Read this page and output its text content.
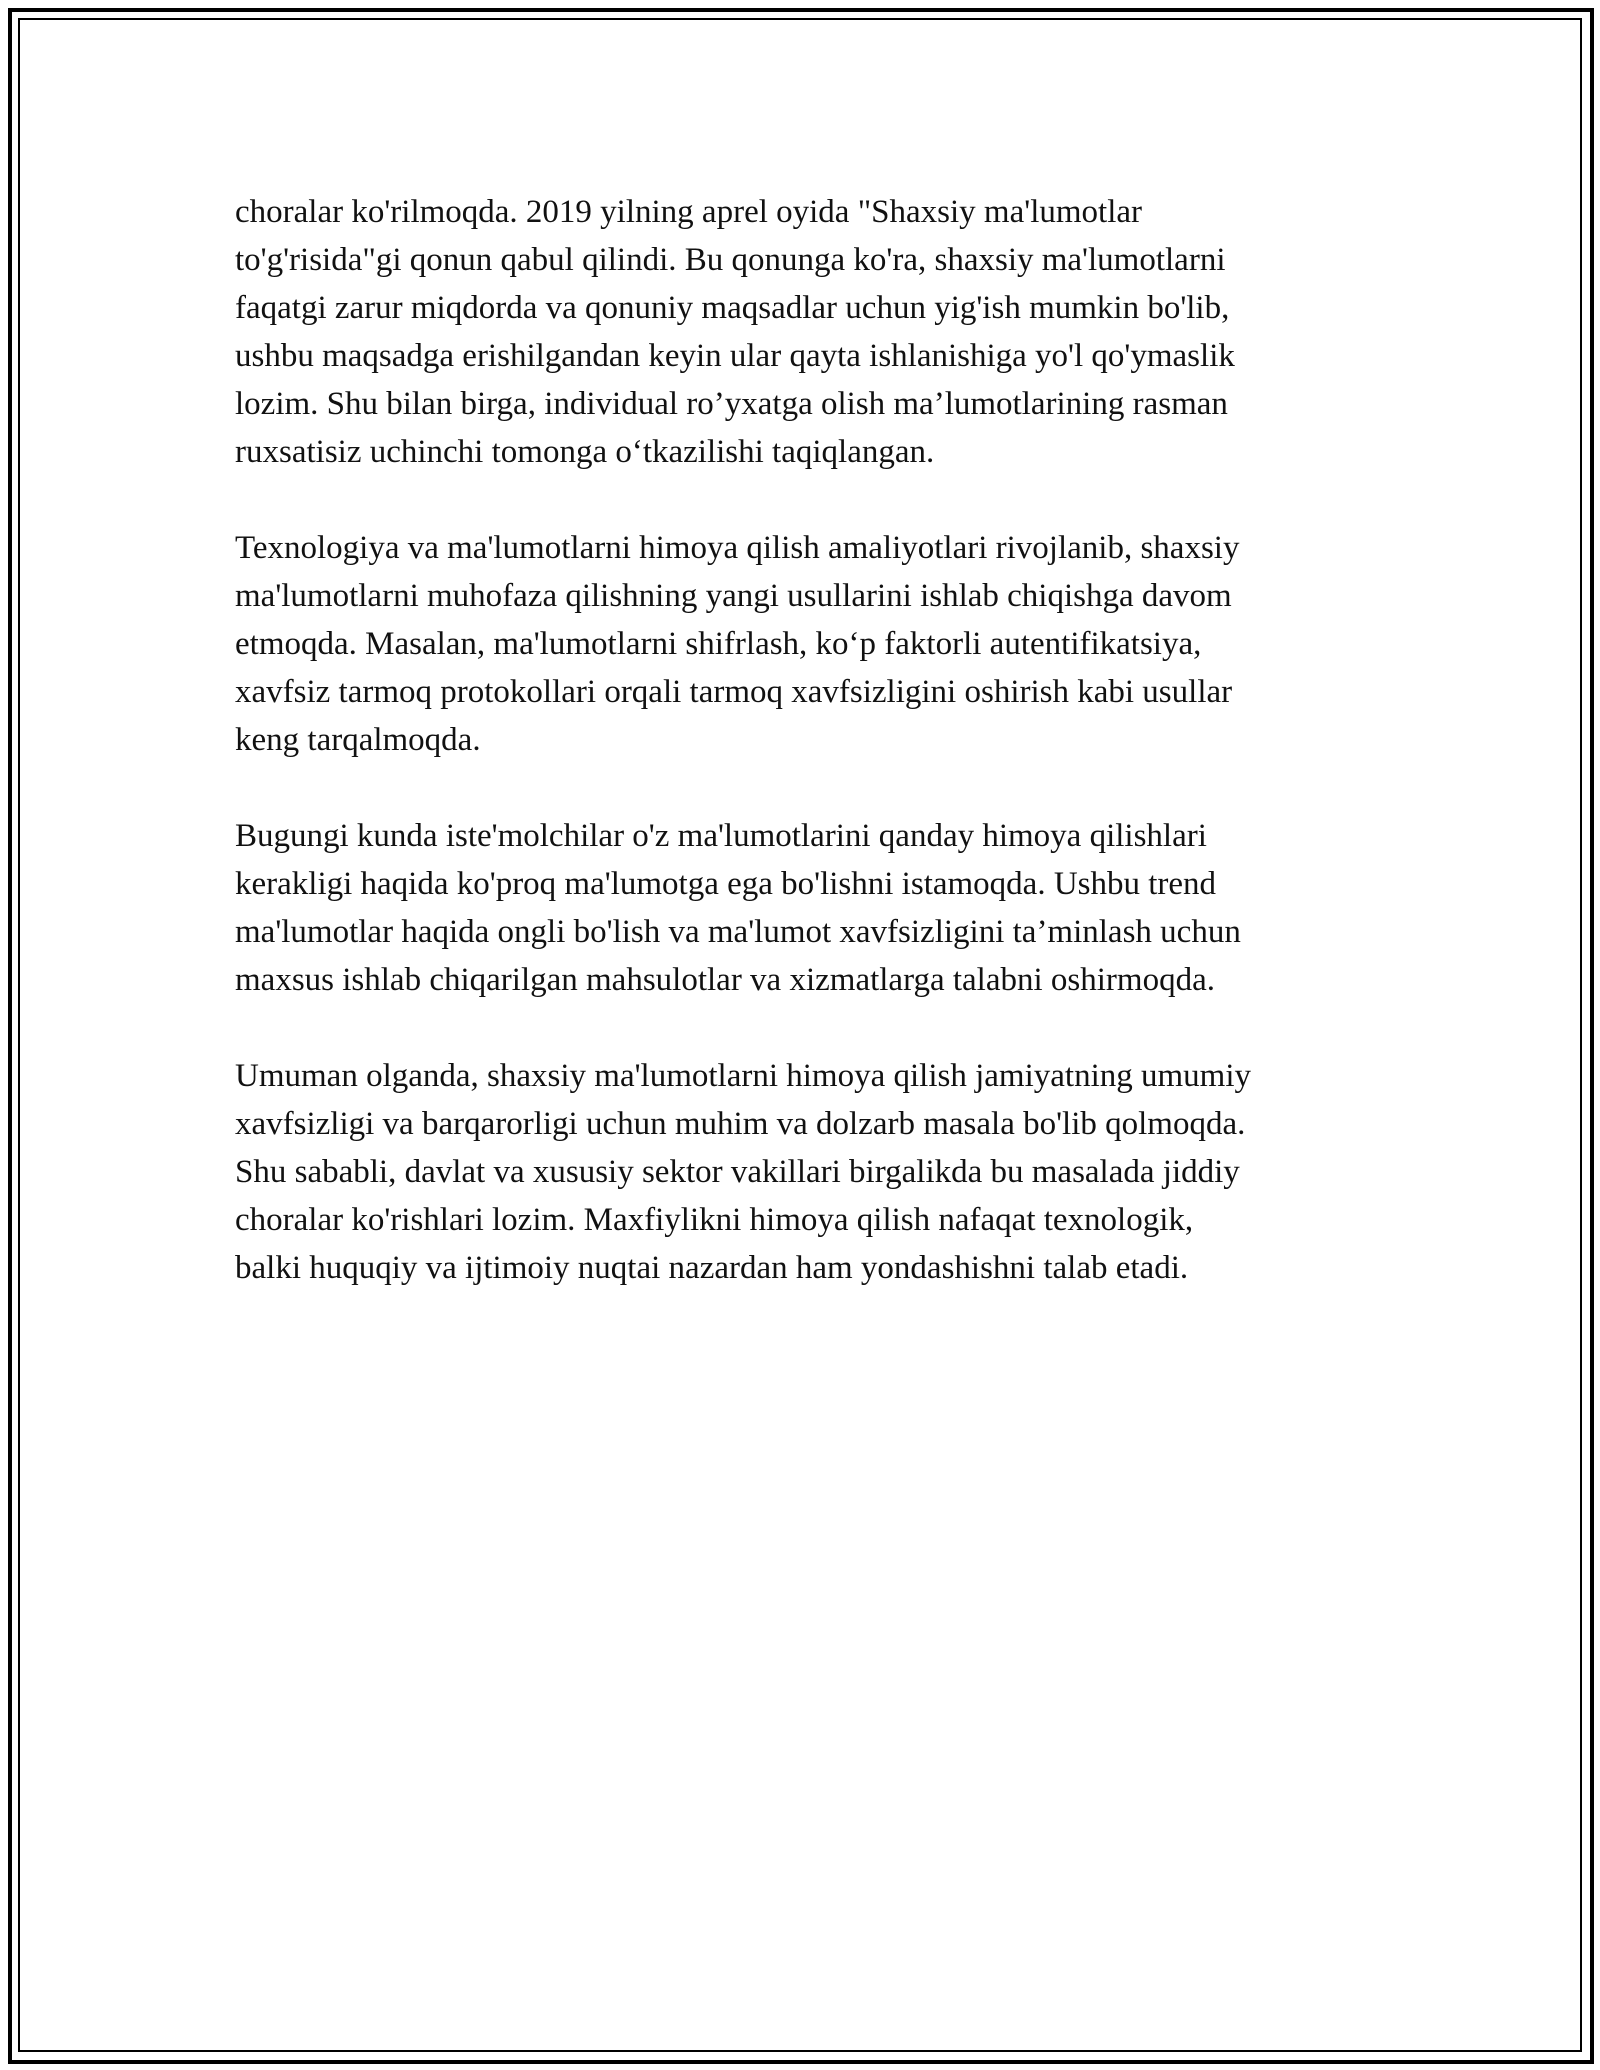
choralar ko'rilmoqda. 2019 yilning aprel oyida "Shaxsiy ma'lumotlar
to'g'risida"gi qonun qabul qilindi. Bu qonunga ko'ra, shaxsiy ma'lumotlarni
faqatgi zarur miqdorda va qonuniy maqsadlar uchun yig'ish mumkin bo'lib,
ushbu maqsadga erishilgandan keyin ular qayta ishlanishiga yo'l qo'ymaslik
lozim. Shu bilan birga, individual ro’yxatga olish ma’lumotlarining rasman
ruxsatisiz uchinchi tomonga o‘tkazilishi taqiqlangan.

Texnologiya va ma'lumotlarni himoya qilish amaliyotlari rivojlanib, shaxsiy
ma'lumotlarni muhofaza qilishning yangi usullarini ishlab chiqishga davom
etmoqda. Masalan, ma'lumotlarni shifrlash, ko‘p faktorli autentifikatsiya,
xavfsiz tarmoq protokollari orqali tarmoq xavfsizligini oshirish kabi usullar
keng tarqalmoqda.

Bugungi kunda iste'molchilar o'z ma'lumotlarini qanday himoya qilishlari
kerakligi haqida ko'proq ma'lumotga ega bo'lishni istamoqda. Ushbu trend
ma'lumotlar haqida ongli bo'lish va ma'lumot xavfsizligini ta’minlash uchun
maxsus ishlab chiqarilgan mahsulotlar va xizmatlarga talabni oshirmoqda.

Umuman olganda, shaxsiy ma'lumotlarni himoya qilish jamiyatning umumiy
xavfsizligi va barqarorligi uchun muhim va dolzarb masala bo'lib qolmoqda.
Shu sababli, davlat va xususiy sektor vakillari birgalikda bu masalada jiddiy
choralar ko'rishlari lozim. Maxfiylikni himoya qilish nafaqat texnologik,
balki huquqiy va ijtimoiy nuqtai nazardan ham yondashishni talab etadi.
